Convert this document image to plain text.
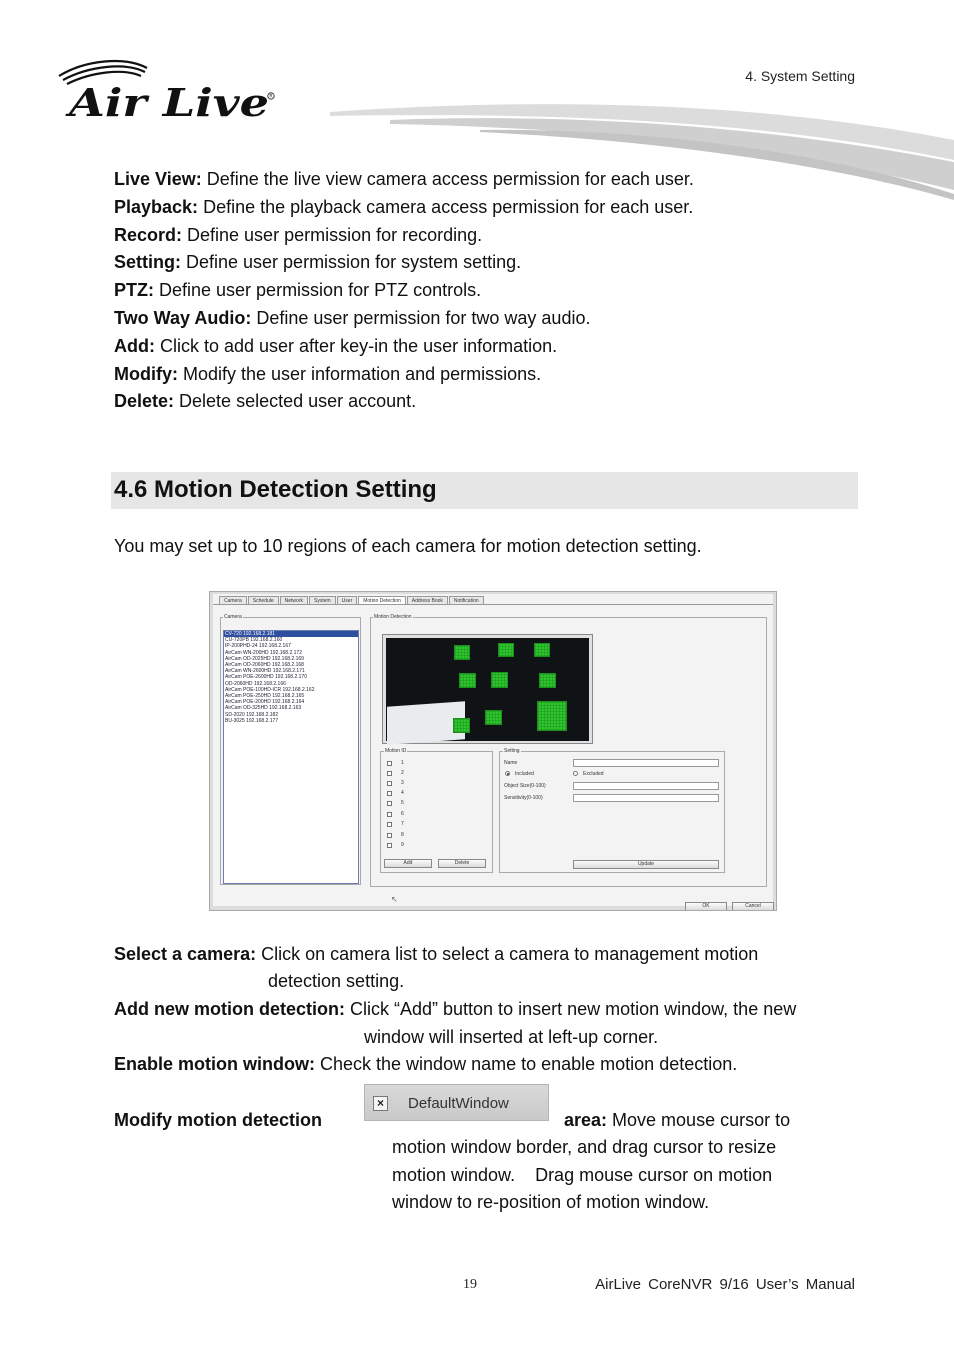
Air Live R
4. System Setting
Live View: Define the live view camera access permission for each user.
Playback: Define the playback camera access permission for each user.
Record: Define user permission for recording.
Setting: Define user permission for system setting.
PTZ: Define user permission for PTZ controls.
Two Way Audio: Define user permission for two way audio.
Add: Click to add user after key-in the user information.
Modify: Modify the user information and permissions.
Delete: Delete selected user account.
4.6 Motion Detection Setting
You may set up to 10 regions of each camera for motion detection setting.
Camera	Schedule	Network	System	User	Motion Detection	Address Book	Notification
Camera
CV-720 192.168.2.181
CU-720PB 192.168.2.160
IP-200PHD-24 192.168.2.167
AirCam WN-200HD 192.168.2.172
AirCam OD-2025HD 192.168.2.169
AirCam OD-2060HD 192.168.2.168
AirCam WN-2600HD 192.168.2.171
AirCam POE-2600HD 192.168.2.170
OD-2060HD 192.168.2.166
AirCam POE-100HD-ICR 192.168.2.162
AirCam POE-250HD 192.168.2.165
AirCam POE-200HD 192.168.2.164
AirCam OD-325HD 192.168.2.163
SD-2020 192.168.2.182
BU-3025 192.168.2.177
Motion Detection
Motion ID
1
2
3
4
5
6
7
8
9
Add	Delete
Setting
Name
Included	Excluded
Object Size(0-100)
Sensitivity(0-100)
Update
↖
OK	Cancel
Select a camera: Click on camera list to select a camera to management motion
detection setting.
Add new motion detection: Click “Add” button to insert new motion window, the new
window will inserted at left-up corner.
Enable motion window: Check the window name to enable motion detection.
Modify motion detection
× DefaultWindow
area: Move mouse cursor to
motion window border, and drag cursor to resize
motion window.    Drag mouse cursor on motion
window to re-position of motion window.
19	AirLive CoreNVR 9/16 User’s Manual
